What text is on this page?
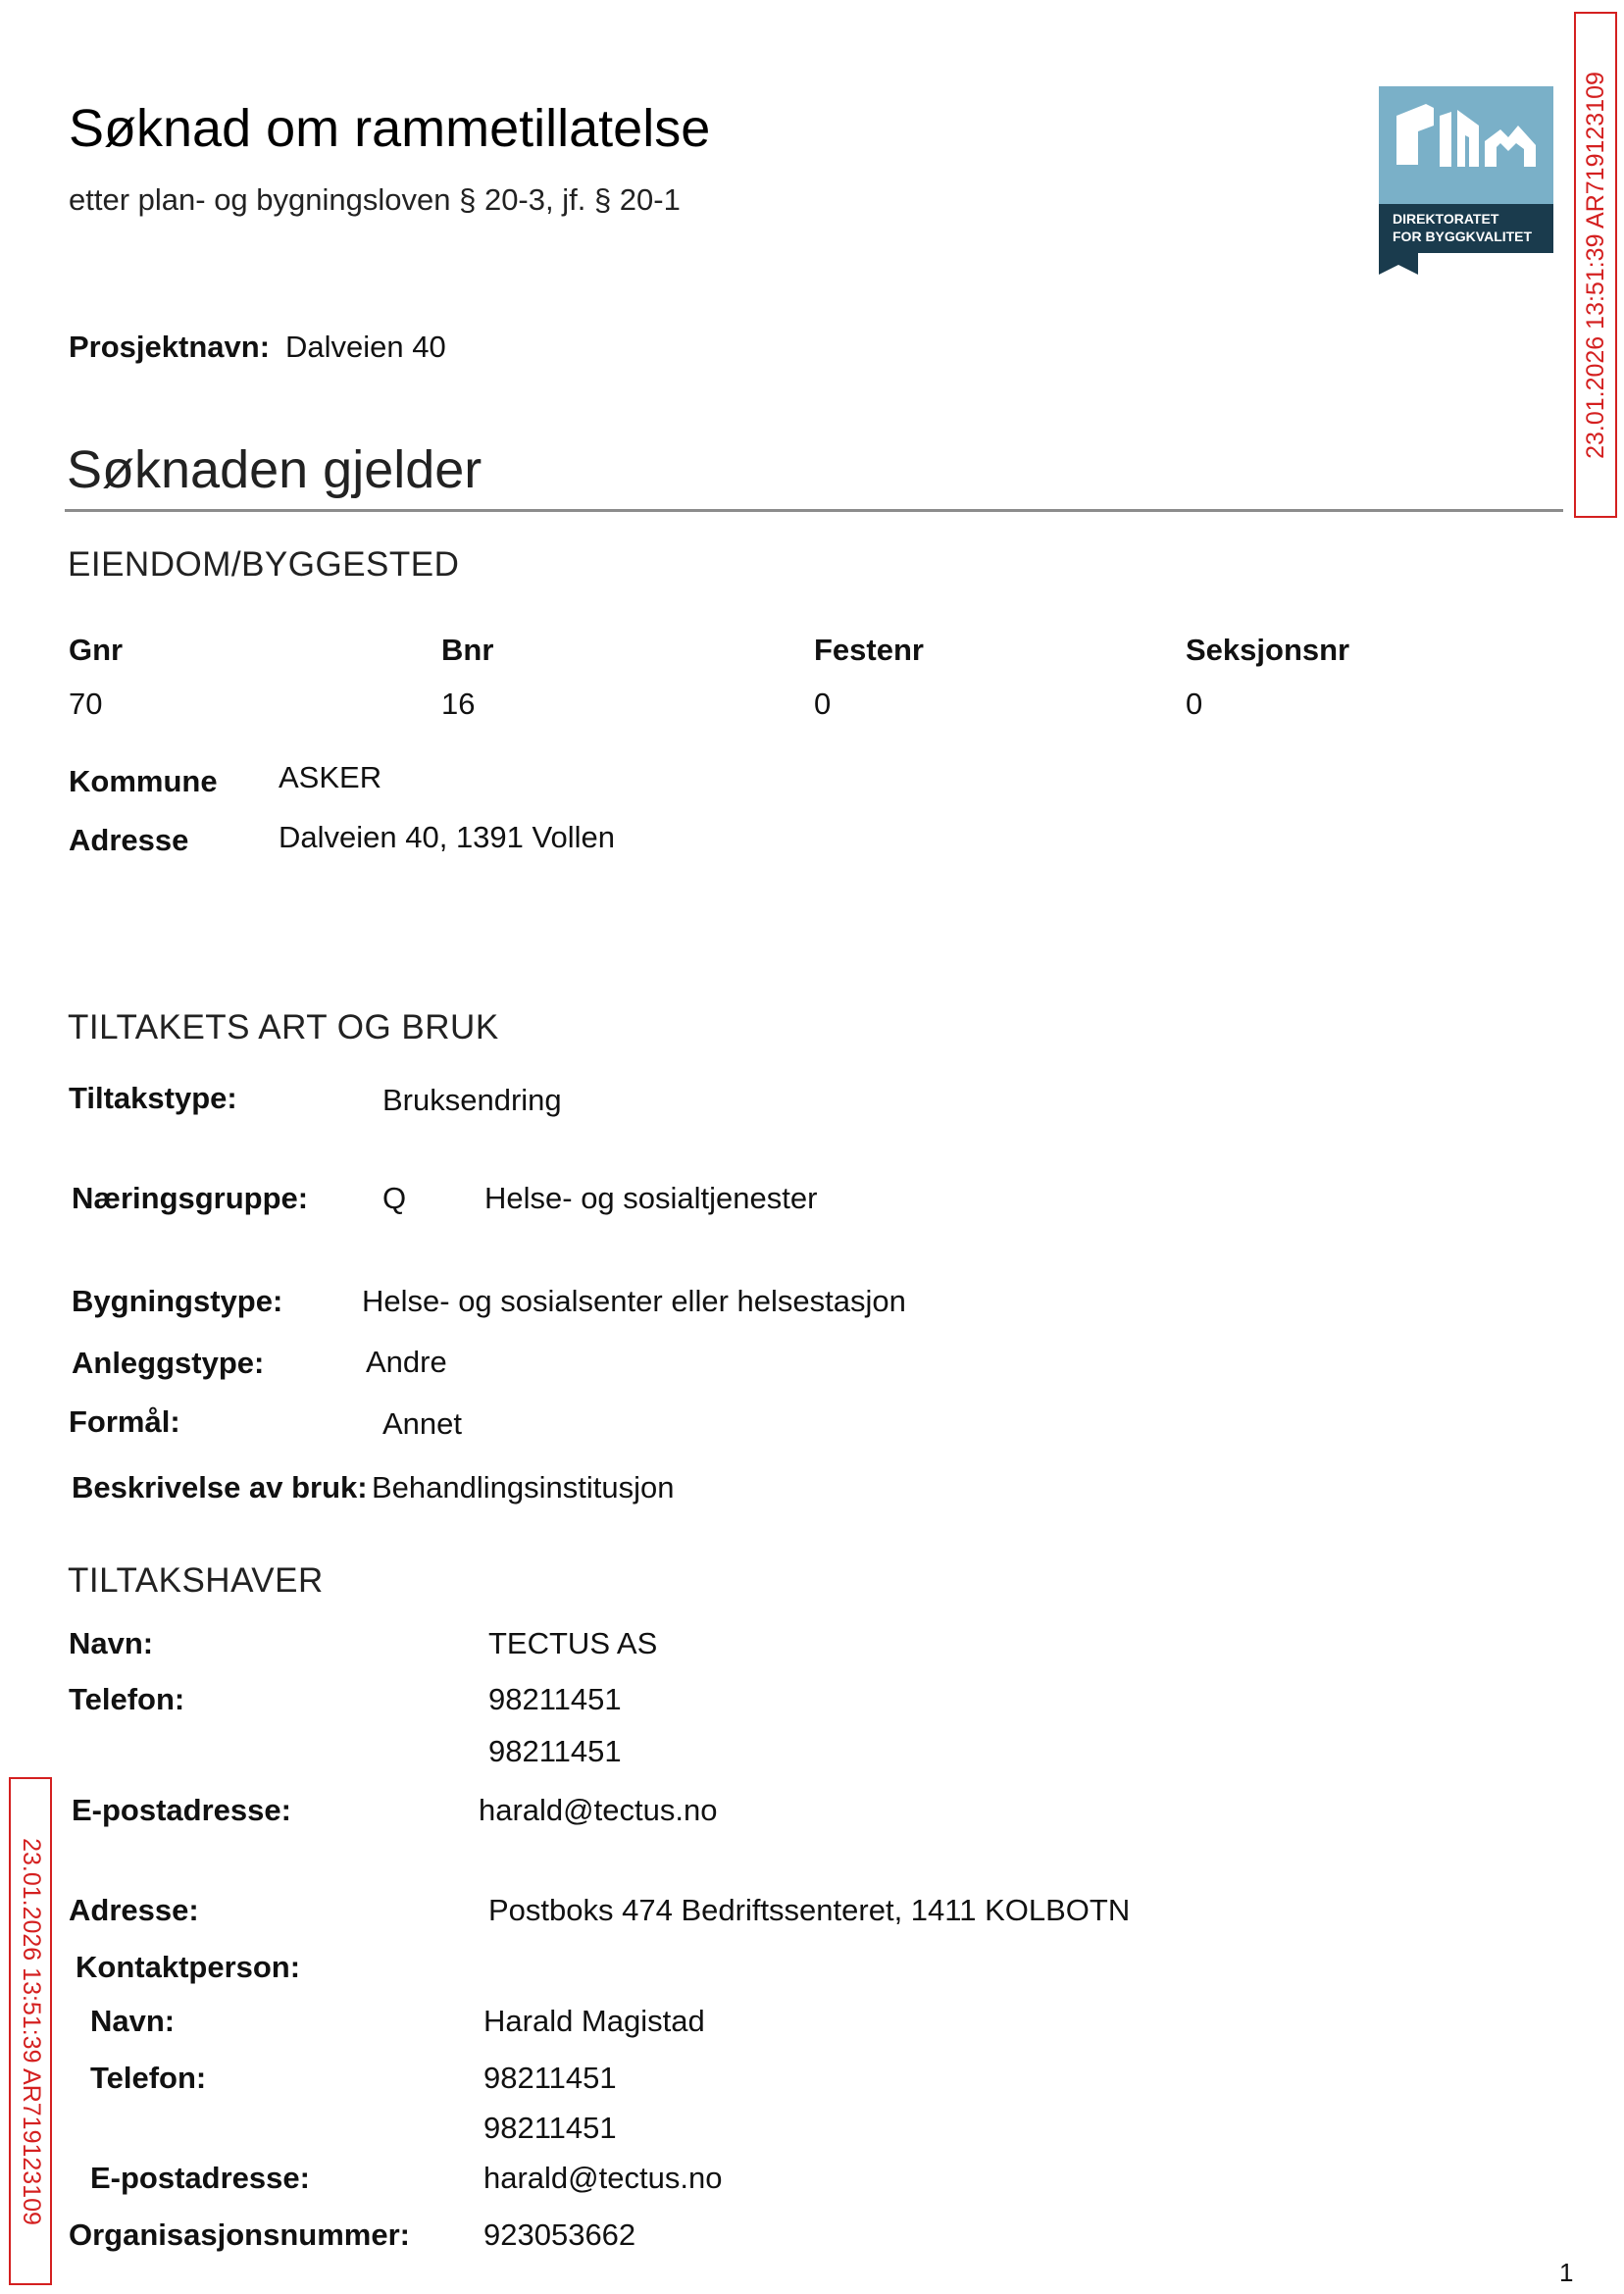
Søknad om rammetillatelse
etter plan- og bygningsloven § 20-3, jf. § 20-1
DIREKTORATET
FOR BYGGKVALITET
Prosjektnavn: Dalveien 40
Søknaden gjelder
EIENDOM/BYGGESTED
Gnr	Bnr	Festenr	Seksjonsnr
70	16	0	0
Kommune ASKER
Adresse	Dalveien 40, 1391 Vollen
TILTAKETS ART OG BRUK
Tiltakstype:	Bruksendring
Næringsgruppe: Q	Helse- og sosialtjenester
Bygningstype:	Helse- og sosialsenter eller helsestasjon
Anleggstype:	Andre
Formål:	Annet
Beskrivelse av bruk: Behandlingsinstitusjon
TILTAKSHAVER
Navn:	TECTUS AS
Telefon:	98211451
98211451
E-postadresse:	harald@tectus.no
Adresse:	Postboks 474 Bedriftssenteret, 1411 KOLBOTN
Kontaktperson:
Navn:	Harald Magistad
Telefon:	98211451
98211451
E-postadresse:	harald@tectus.no
Organisasjonsnummer: 923053662
23.01.2026 13:51:39 AR719123109
23.01.2026 13:51:39 AR719123109
1
